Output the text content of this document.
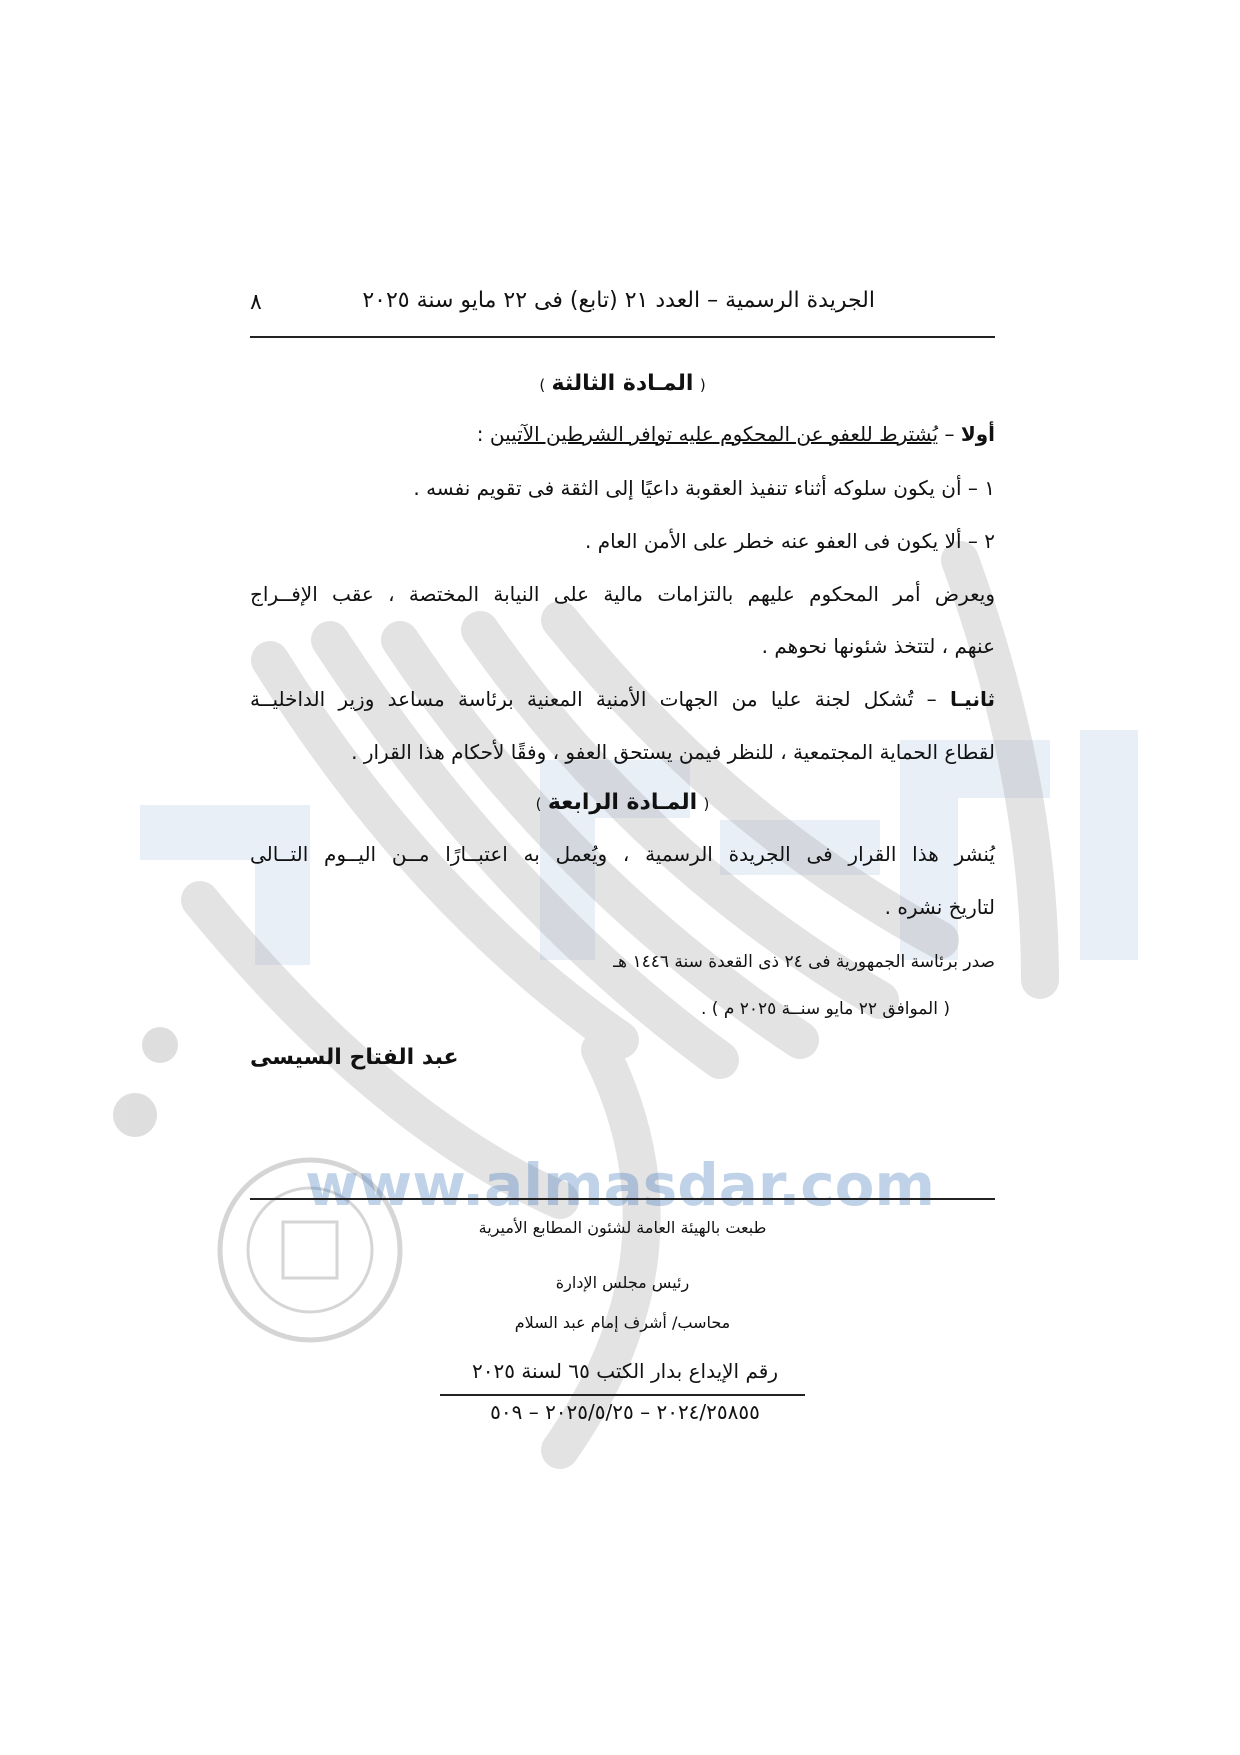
www.almasdar.com
٨	الجريدة الرسمية – العدد ٢١ (تابع) فى ٢٢ مايو سنة ٢٠٢٥
( المـادة الثالثة )
أولا – يُشترط للعفو عن المحكوم عليه توافر الشرطين الآتيين :
١ – أن يكون سلوكه أثناء تنفيذ العقوبة داعيًا إلى الثقة فى تقويم نفسه .
٢ – ألا يكون فى العفو عنه خطر على الأمن العام .
ويعرض أمر المحكوم عليهم بالتزامات مالية على النيابة المختصة ، عقب الإفــراج
عنهم ، لتتخذ شئونها نحوهم .
ثانيـا – تُشكل لجنة عليا من الجهات الأمنية المعنية برئاسة مساعد وزير الداخليــة
لقطاع الحماية المجتمعية ، للنظر فيمن يستحق العفو ، وفقًا لأحكام هذا القرار .
( المـادة الرابعة )
يُنشر هذا القرار فى الجريدة الرسمية ، ويُعمل به اعتبــارًا مــن اليــوم التــالى
لتاريخ نشره .
صدر برئاسة الجمهورية فى ٢٤ ذى القعدة سنة ١٤٤٦ هـ
( الموافق ٢٢ مايو سنــة ٢٠٢٥ م ) .
عبد الفتاح السيسى
طبعت بالهيئة العامة لشئون المطابع الأميرية
رئيس مجلس الإدارة
محاسب/ أشرف إمام عبد السلام
رقم الإيداع بدار الكتب ٦٥ لسنة ٢٠٢٥
٢٠٢٤/٢٥٨٥٥ – ٢٠٢٥/٥/٢٥ – ٥٠٩
